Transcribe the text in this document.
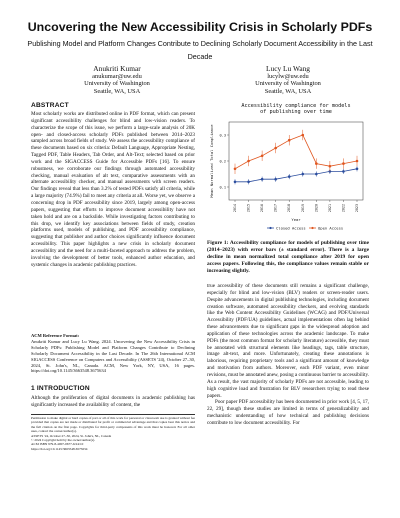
Uncovering the New Accessibility Crisis in Scholarly PDFs
Publishing Model and Platform Changes Contribute to Declining Scholarly Document Accessibility in the Last Decade
Anukriti Kumar
anukumar@uw.edu
University of Washington
Seattle, WA, USA
Lucy Lu Wang
lucylw@uw.edu
University of Washington
Seattle, WA, USA
ABSTRACT
Most scholarly works are distributed online in PDF format, which can present significant accessibility challenges for blind and low-vision readers. To characterize the scope of this issue, we perform a large-scale analysis of 20K open- and closed-access scholarly PDFs published between 2014–2023 sampled across broad fields of study. We assess the accessibility compliance of these documents based on six criteria: Default Language, Appropriate Nesting, Tagged PDF, Table Headers, Tab Order, and Alt-Text; selected based on prior work and the SIGACCESS Guide for Accessible PDFs [16]. To ensure robustness, we corroborate our findings through automated accessibility checking, manual evaluation of alt text, comparative assessments with an alternate accessibility checker, and manual assessments with screen readers. Our findings reveal that less than 3.2% of tested PDFs satisfy all criteria, while a large majority (74.9%) fail to meet any criteria at all. Worse yet, we observe a concerning drop in PDF accessibility since 2019, largely among open-access papers, suggesting that efforts to improve document accessibility have not taken hold and are on a backslide. While investigating factors contributing to this drop, we identify key associations between fields of study, creation platforms used, models of publishing, and PDF accessibility compliance, suggesting that publisher and author choices significantly influence document accessibility. This paper highlights a new crisis in scholarly document accessibility and the need for a multi-faceted approach to address the problem, involving the development of better tools, enhanced author education, and systemic changes in academic publishing practices.
ACM Reference Format:
Anukriti Kumar and Lucy Lu Wang. 2024. Uncovering the New Accessibility Crisis in Scholarly PDFs: Publishing Model and Platform Changes Contribute to Declining Scholarly Document Accessibility in the Last Decade. In The 26th International ACM SIGACCESS Conference on Computers and Accessibility (ASSETS '24), October 27–30, 2024, St. John's, NL, Canada. ACM, New York, NY, USA, 16 pages. https://doi.org/10.1145/3663548.3675634
1 INTRODUCTION
Although the proliferation of digital documents in academic publishing has significantly increased the availability of content, the
Permission to make digital or hard copies of part or all of this work for personal or classroom use is granted without fee provided that copies are not made or distributed for profit or commercial advantage and that copies bear this notice and the full citation on the first page. Copyrights for third-party components of this work must be honored. For all other uses, contact the owner/author(s).
ASSETS '24, October 27–30, 2024, St. John's, NL, Canada
© 2024 Copyright held by the owner/author(s).
ACM ISBN 979-8-4007-0677-6/24/10
https://doi.org/10.1145/3663548.3675634
Accessibility compliance for models of publishing over time
0.1
0.2
0.3
Mean Normalized Total Compliance
2014	2015	2016	2017	2018	2019	2020	2021	2022	2023
Year
Closed Access	Open Access
Figure 1: Accessibility compliance for models of publishing over time (2014–2023) with error bars (± standard error). There is a large decline in mean normalized total compliance after 2019 for open access papers. Following this, the compliance values remain stable or increasing slightly.

true accessibility of these documents still remains a significant challenge, especially for blind and low-vision (BLV) readers or screen-reader users. Despite advancements in digital publishing technologies, including document creation software, automated accessibility checkers, and evolving standards like the Web Content Accessibility Guidelines (WCAG) and PDF/Universal Accessibility (PDF/UA) guidelines, actual implementations often lag behind these advancements due to significant gaps in the widespread adoption and application of these technologies across the academic landscape. To make PDFs (the most common format for scholarly literature) accessible, they must be annotated with structural elements like headings, tags, table structure, image alt-text, and more. Unfortunately, creating these annotations is laborious, requiring proprietary tools and a significant amount of knowledge and motivation from authors. Moreover, each PDF variant, even minor revisions, must be annotated anew, posing a continuous barrier to accessibility. As a result, the vast majority of scholarly PDFs are not accessible, leading to high cognitive load and frustration for BLV researchers trying to read these papers.

Poor paper PDF accessibility has been documented in prior work [4, 5, 17, 22, 29], though these studies are limited in terms of generalizability and mechanistic understanding of how technical and publishing decisions contribute to low document accessibility. For
